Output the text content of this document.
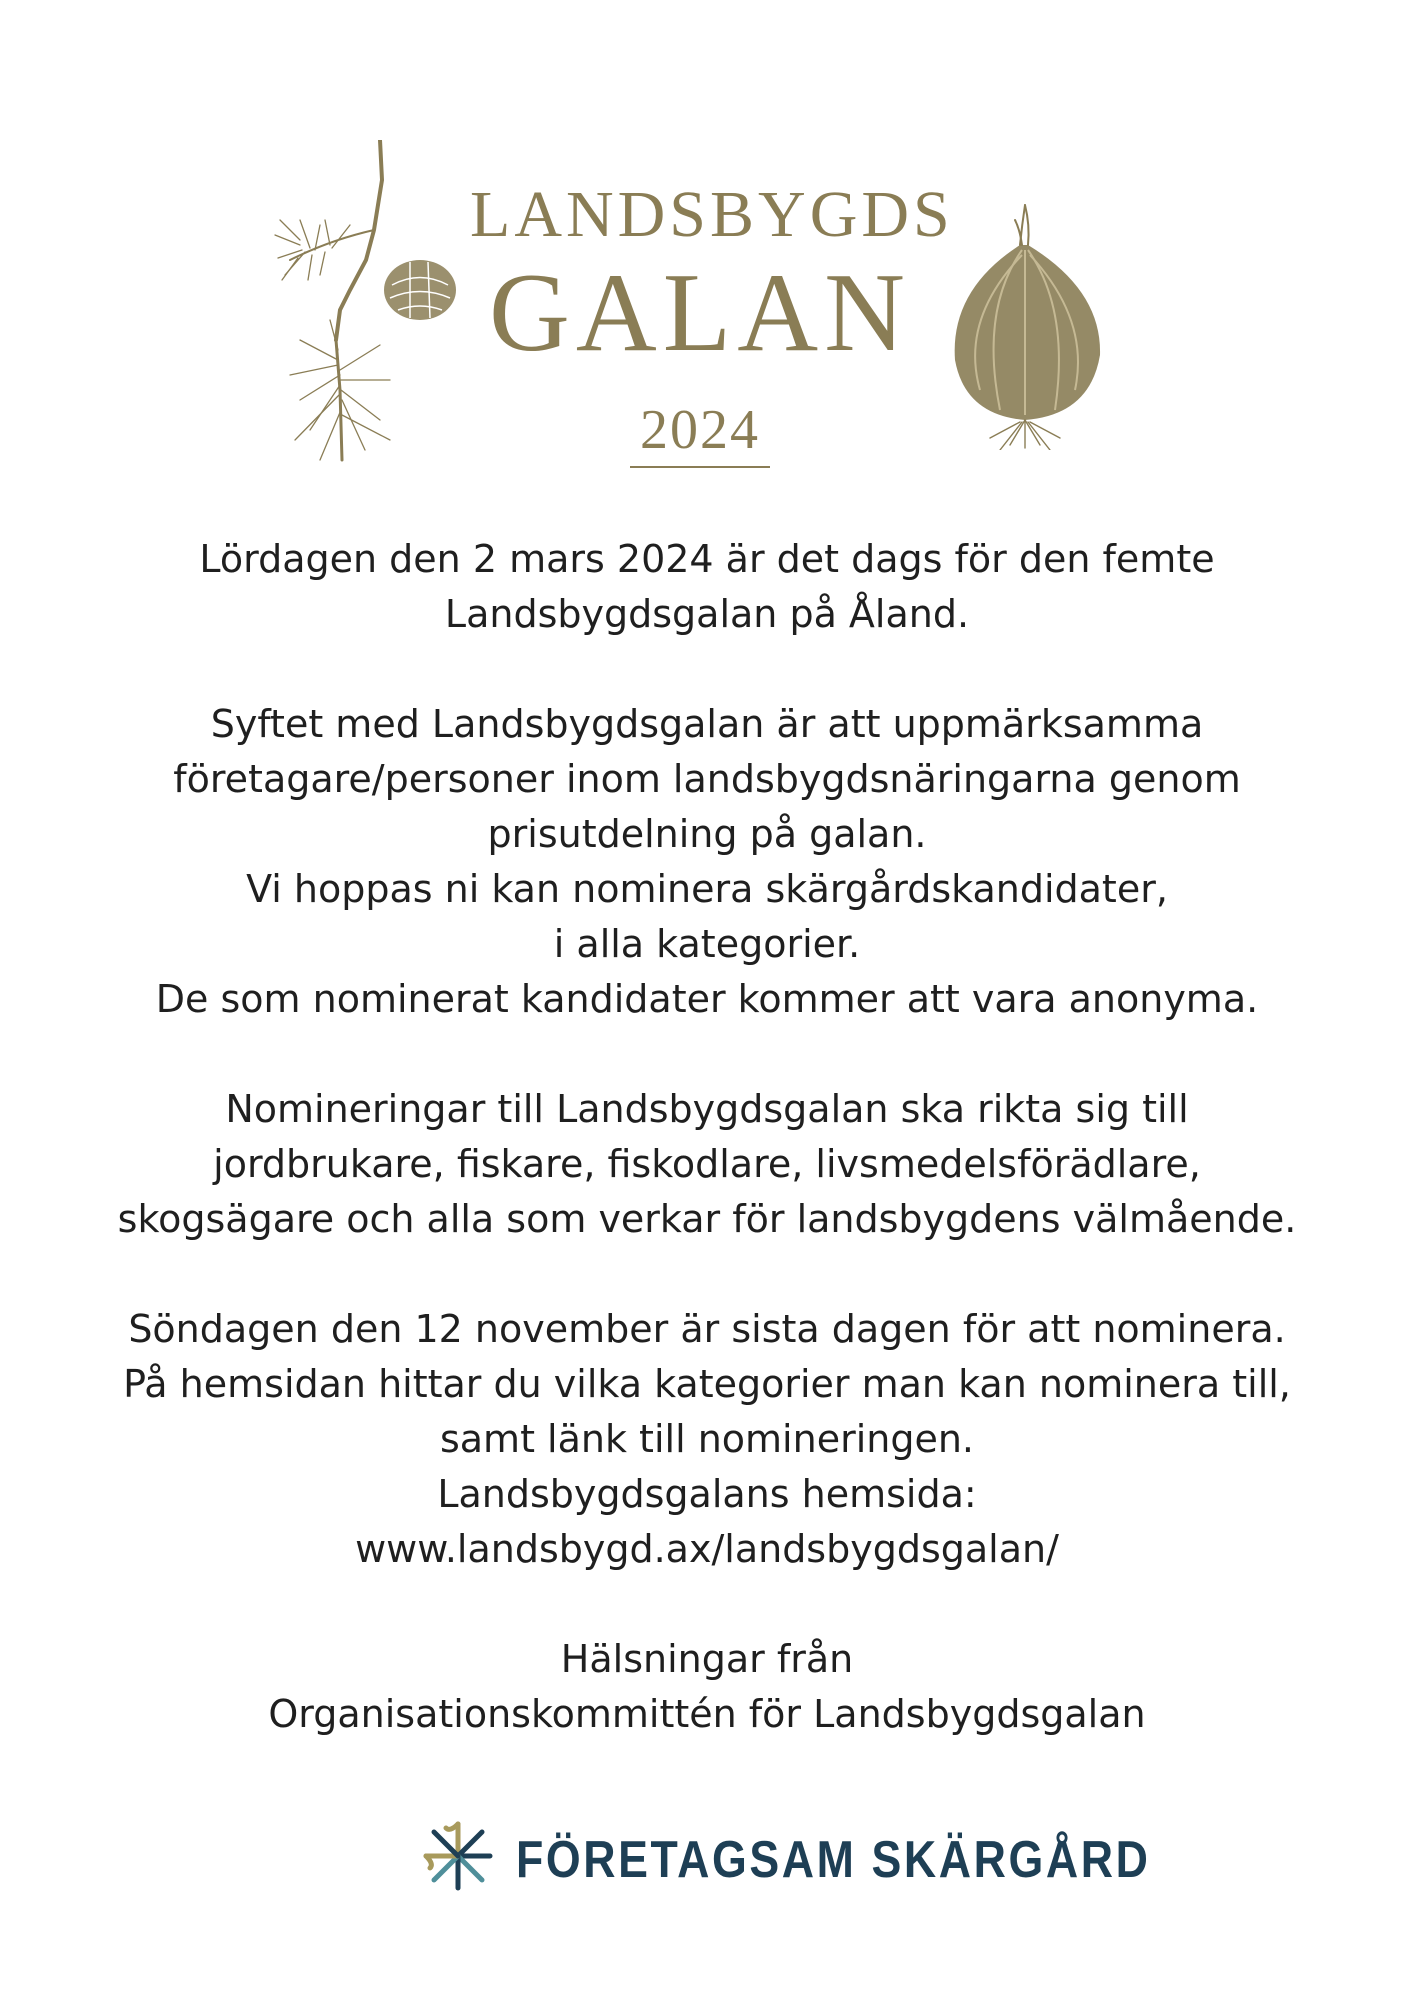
LANDSBYGDS
GALAN
2024

Lördagen den 2 mars 2024 är det dags för den femte
Landsbygdsgalan på Åland.

Syftet med Landsbygdsgalan är att uppmärksamma
företagare/personer inom landsbygdsnäringarna genom
prisutdelning på galan.
Vi hoppas ni kan nominera skärgårdskandidater,
i alla kategorier.
De som nominerat kandidater kommer att vara anonyma.

Nomineringar till Landsbygdsgalan ska rikta sig till
jordbrukare, fiskare, fiskodlare, livsmedelsförädlare,
skogsägare och alla som verkar för landsbygdens välmående.

Söndagen den 12 november är sista dagen för att nominera.
På hemsidan hittar du vilka kategorier man kan nominera till,
samt länk till nomineringen.
Landsbygdsgalans hemsida:
www.landsbygd.ax/landsbygdsgalan/

Hälsningar från
Organisationskommittén för Landsbygdsgalan

FÖRETAGSAM SKÄRGÅRD
